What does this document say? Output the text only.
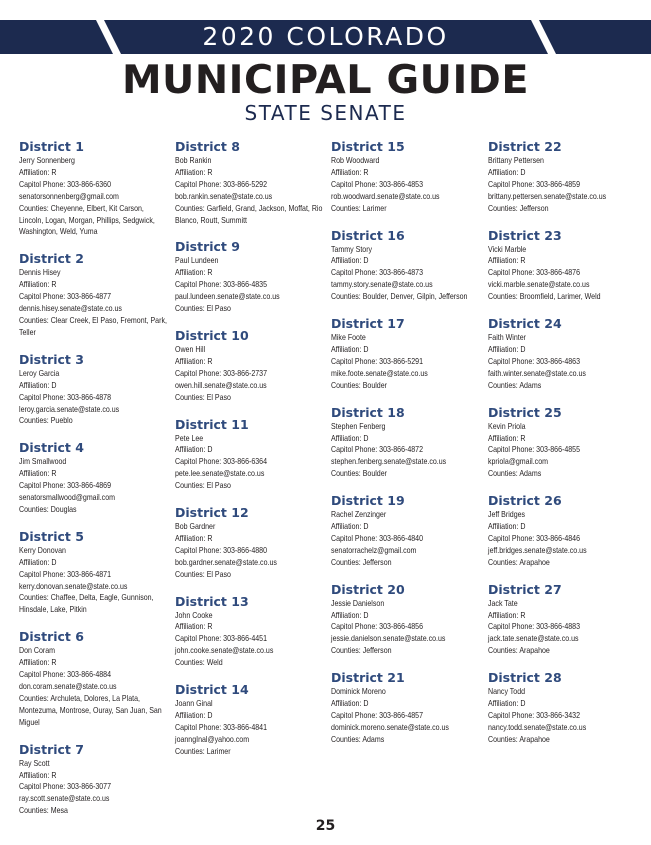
2020 COLORADO
MUNICIPAL GUIDE
STATE SENATE
District 1
Jerry Sonnenberg
Affiliation: R
Capitol Phone: 303-866-6360
senatorsonnenberg@gmail.com
Counties: Cheyenne, Elbert, Kit Carson, Lincoln, Logan, Morgan, Phillips, Sedgwick, Washington, Weld, Yuma
District 2
Dennis Hisey
Affiliation: R
Capitol Phone: 303-866-4877
dennis.hisey.senate@state.co.us
Counties: Clear Creek, El Paso, Fremont, Park, Teller
District 3
Leroy Garcia
Affiliation: D
Capitol Phone: 303-866-4878
leroy.garcia.senate@state.co.us
Counties: Pueblo
District 4
Jim Smallwood
Affiliation: R
Capitol Phone: 303-866-4869
senatorsmallwood@gmail.com
Counties: Douglas
District 5
Kerry Donovan
Affiliation: D
Capitol Phone: 303-866-4871
kerry.donovan.senate@state.co.us
Counties: Chaffee, Delta, Eagle, Gunnison, Hinsdale, Lake, Pitkin
District 6
Don Coram
Affiliation: R
Capitol Phone: 303-866-4884
don.coram.senate@state.co.us
Counties: Archuleta, Dolores, La Plata, Montezuma, Montrose, Ouray, San Juan, San Miguel
District 7
Ray Scott
Affiliation: R
Capitol Phone: 303-866-3077
ray.scott.senate@state.co.us
Counties: Mesa
District 8
Bob Rankin
Affiliation: R
Capitol Phone: 303-866-5292
bob.rankin.senate@state.co.us
Counties: Garfield, Grand, Jackson, Moffat, Rio Blanco, Routt, Summitt
District 9
Paul Lundeen
Affiliation: R
Capitol Phone: 303-866-4835
paul.lundeen.senate@state.co.us
Counties: El Paso
District 10
Owen Hill
Affiliation: R
Capitol Phone: 303-866-2737
owen.hill.senate@state.co.us
Counties: El Paso
District 11
Pete Lee
Affiliation: D
Capitol Phone: 303-866-6364
pete.lee.senate@state.co.us
Counties: El Paso
District 12
Bob Gardner
Affiliation: R
Capitol Phone: 303-866-4880
bob.gardner.senate@state.co.us
Counties: El Paso
District 13
John Cooke
Affiliation: R
Capitol Phone: 303-866-4451
john.cooke.senate@state.co.us
Counties: Weld
District 14
Joann Ginal
Affiliation: D
Capitol Phone: 303-866-4841
joanngInal@yahoo.com
Counties: Larimer
District 15
Rob Woodward
Affiliation: R
Capitol Phone: 303-866-4853
rob.woodward.senate@state.co.us
Counties: Larimer
District 16
Tammy Story
Affiliation: D
Capitol Phone: 303-866-4873
tammy.story.senate@state.co.us
Counties: Boulder, Denver, Gilpin, Jefferson
District 17
Mike Foote
Affiliation: D
Capitol Phone: 303-866-5291
mike.foote.senate@state.co.us
Counties: Boulder
District 18
Stephen Fenberg
Affiliation: D
Capitol Phone: 303-866-4872
stephen.fenberg.senate@state.co.us
Counties: Boulder
District 19
Rachel Zenzinger
Affiliation: D
Capitol Phone: 303-866-4840
senatorrachelz@gmail.com
Counties: Jefferson
District 20
Jessie Danielson
Affiliation: D
Capitol Phone: 303-866-4856
jessie.danielson.senate@state.co.us
Counties: Jefferson
District 21
Dominick Moreno
Affiliation: D
Capitol Phone: 303-866-4857
dominick.moreno.senate@state.co.us
Counties: Adams
District 22
Brittany Pettersen
Affiliation: D
Capitol Phone: 303-866-4859
brittany.pettersen.senate@state.co.us
Counties: Jefferson
District 23
Vicki Marble
Affiliation: R
Capitol Phone: 303-866-4876
vicki.marble.senate@state.co.us
Counties: Broomfield, Larimer, Weld
District 24
Faith Winter
Affiliation: D
Capitol Phone: 303-866-4863
faith.winter.senate@state.co.us
Counties: Adams
District 25
Kevin Priola
Affiliation: R
Capitol Phone: 303-866-4855
kpriola@gmail.com
Counties: Adams
District 26
Jeff Bridges
Affiliation: D
Capitol Phone: 303-866-4846
jeff.bridges.senate@state.co.us
Counties: Arapahoe
District 27
Jack Tate
Affiliation: R
Capitol Phone: 303-866-4883
jack.tate.senate@state.co.us
Counties: Arapahoe
District 28
Nancy Todd
Affiliation: D
Capitol Phone: 303-866-3432
nancy.todd.senate@state.co.us
Counties: Arapahoe
25
